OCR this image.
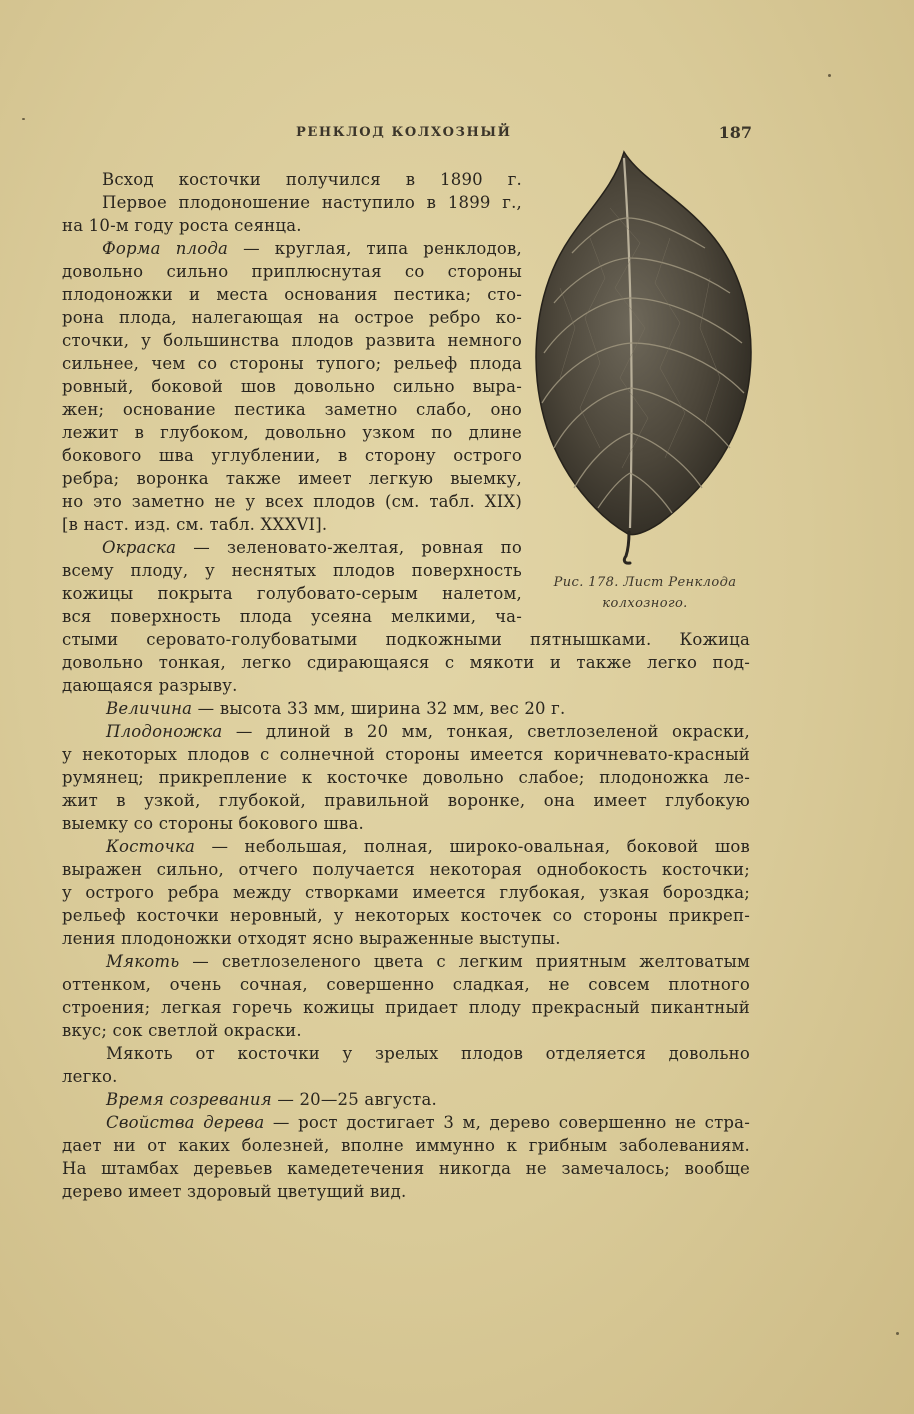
РЕНКЛОД КОЛХОЗНЫЙ	187
Рис. 178. Лист Ренклода
колхозного.
Всход косточки получился в 1890 г.
Первое плодоношение наступило в 1899 г.,
на 10-м году роста сеянца.
Форма плода — круглая, типа ренклодов,
довольно сильно приплюснутая со стороны
плодоножки и места основания пестика; сто-
рона плода, налегающая на острое ребро ко-
сточки, у большинства плодов развита немного
сильнее, чем со стороны тупого; рельеф плода
ровный, боковой шов довольно сильно выра-
жен; основание пестика заметно слабо, оно
лежит в глубоком, довольно узком по длине
бокового шва углублении, в сторону острого
ребра; воронка также имеет легкую выемку,
но это заметно не у всех плодов (см. табл. XIX)
[в наст. изд. см. табл. XXXVI].
Окраска — зеленовато-желтая, ровная по
всему плоду, у неснятых плодов поверхность
кожицы покрыта голубовато-серым налетом,
вся поверхность плода усеяна мелкими, ча-
стыми серовато-голубоватыми подкожными пятнышками. Кожица
довольно тонкая, легко сдирающаяся с мякоти и также легко под-
дающаяся разрыву.
Величина — высота 33 мм, ширина 32 мм, вес 20 г.
Плодоножка — длиной в 20 мм, тонкая, светлозеленой окраски,
у некоторых плодов с солнечной стороны имеется коричневато-красный
румянец; прикрепление к косточке довольно слабое; плодоножка ле-
жит в узкой, глубокой, правильной воронке, она имеет глубокую
выемку со стороны бокового шва.
Косточка — небольшая, полная, широко-овальная, боковой шов
выражен сильно, отчего получается некоторая однобокость косточки;
у острого ребра между створками имеется глубокая, узкая бороздка;
рельеф косточки неровный, у некоторых косточек со стороны прикреп-
ления плодоножки отходят ясно выраженные выступы.
Мякоть — светлозеленого цвета с легким приятным желтоватым
оттенком, очень сочная, совершенно сладкая, не совсем плотного
строения; легкая горечь кожицы придает плоду прекрасный пикантный
вкус; сок светлой окраски.
Мякоть от косточки у зрелых плодов отделяется довольно
легко.
Время созревания — 20—25 августа.
Свойства дерева — рост достигает 3 м, дерево совершенно не стра-
дает ни от каких болезней, вполне иммунно к грибным заболеваниям.
На штамбах деревьев камедетечения никогда не замечалось; вообще
дерево имеет здоровый цветущий вид.
